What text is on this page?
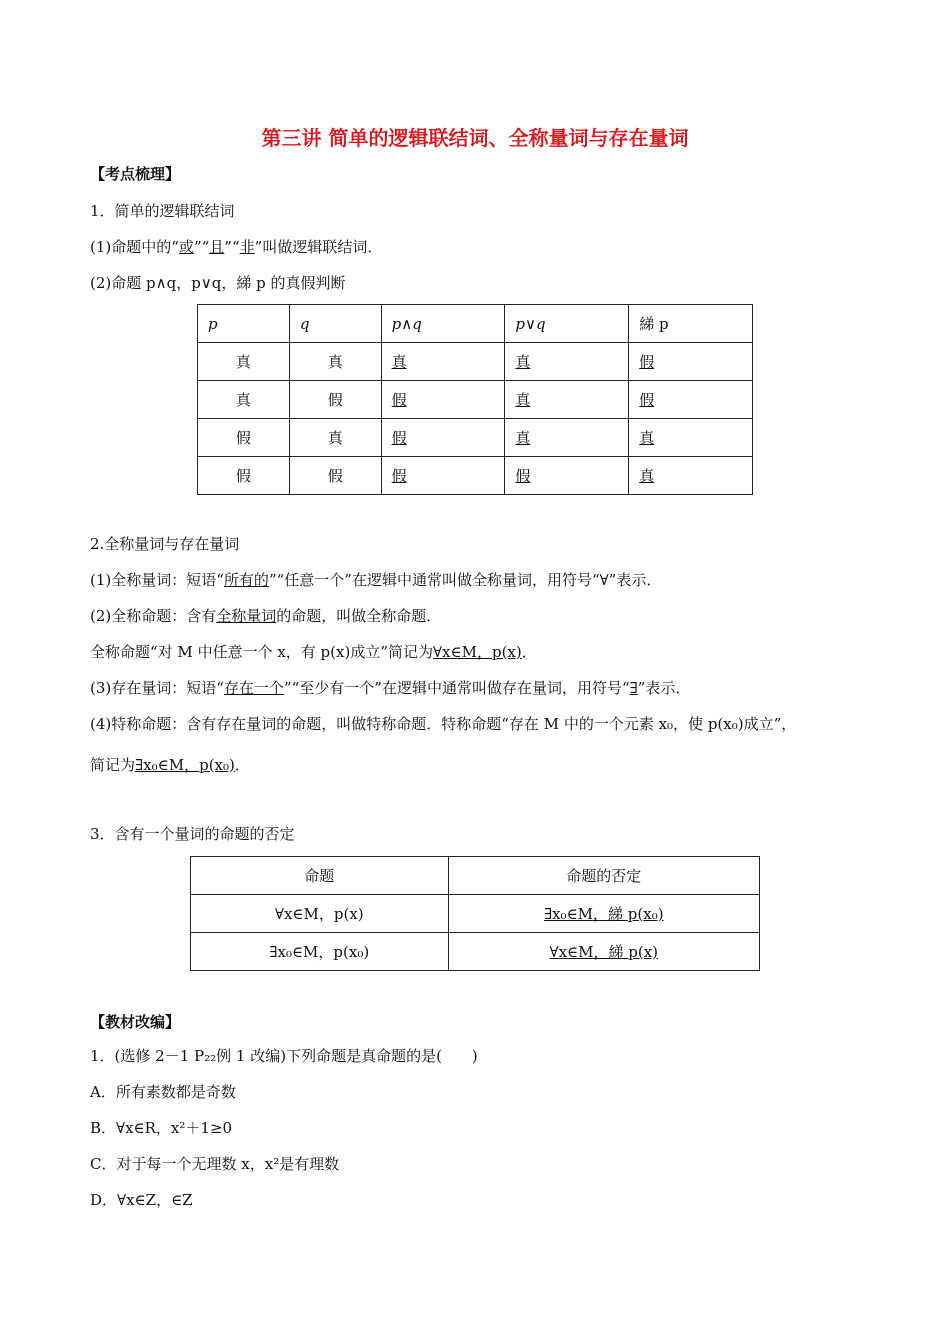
第三讲 简单的逻辑联结词、全称量词与存在量词
【考点梳理】
1．简单的逻辑联结词
(1)命题中的“或”“且”“非”叫做逻辑联结词．
(2)命题 p∧q，p∨q，綈 p 的真假判断
p	q	p∧q	p∨q	綈 p
真	真	真	真	假
真	假	假	真	假
假	真	假	真	真
假	假	假	假	真
2.全称量词与存在量词
(1)全称量词：短语“所有的”“任意一个”在逻辑中通常叫做全称量词，用符号“∀”表示．
(2)全称命题：含有全称量词的命题，叫做全称命题．
全称命题“对 M 中任意一个 x，有 p(x)成立”简记为∀x∈M，p(x)．
(3)存在量词：短语“存在一个”“至少有一个”在逻辑中通常叫做存在量词，用符号“∃”表示．
(4)特称命题：含有存在量词的命题，叫做特称命题．特称命题“存在 M 中的一个元素 x₀，使 p(x₀)成立”，
简记为∃x₀∈M，p(x₀)．
3．含有一个量词的命题的否定
命题	命题的否定
∀x∈M，p(x)	∃x₀∈M，綈 p(x₀)
∃x₀∈M，p(x₀)	∀x∈M，綈 p(x)
【教材改编】
1．(选修 2－1 P₂₂例 1 改编)下列命题是真命题的是(　　)
A．所有素数都是奇数
B．∀x∈R，x²＋1≥0
C．对于每一个无理数 x，x²是有理数
D．∀x∈Z，∈Z
